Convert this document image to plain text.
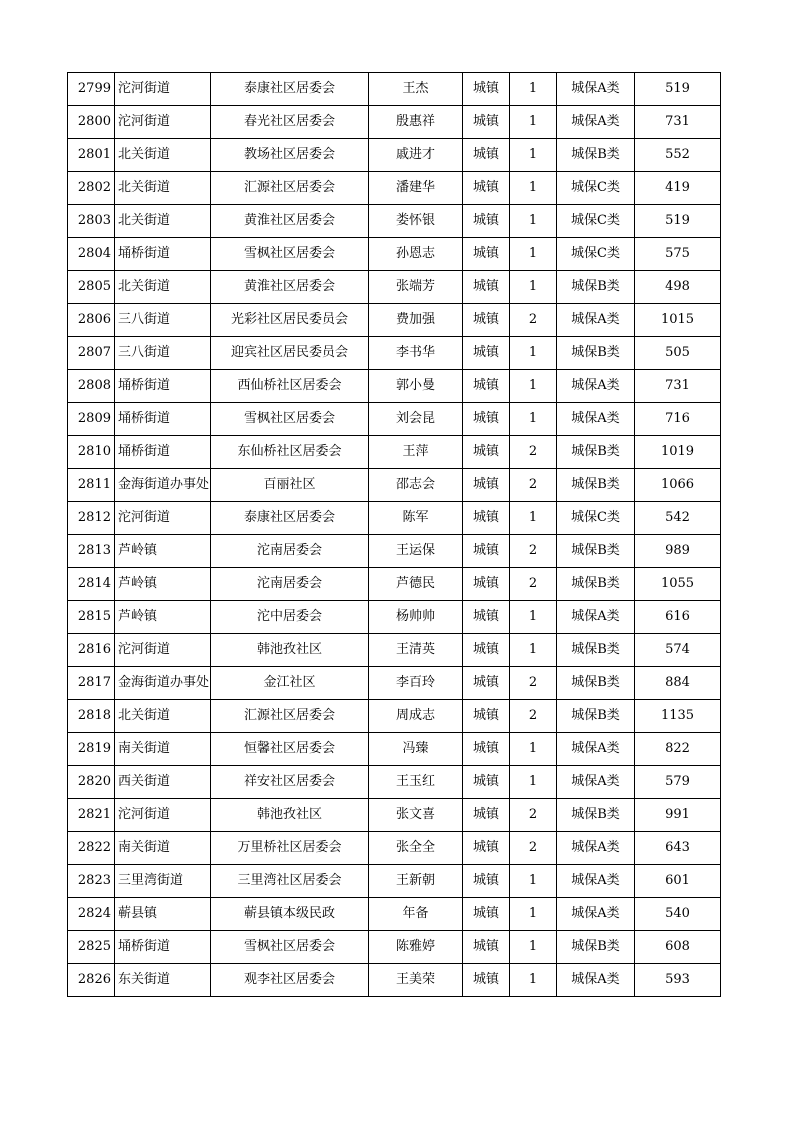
2799	沱河街道	泰康社区居委会	王杰	城镇	1	城保A类	519
2800	沱河街道	春光社区居委会	殷惠祥	城镇	1	城保A类	731
2801	北关街道	教场社区居委会	戚进才	城镇	1	城保B类	552
2802	北关街道	汇源社区居委会	潘建华	城镇	1	城保C类	419
2803	北关街道	黄淮社区居委会	娄怀银	城镇	1	城保C类	519
2804	埇桥街道	雪枫社区居委会	孙恩志	城镇	1	城保C类	575
2805	北关街道	黄淮社区居委会	张端芳	城镇	1	城保B类	498
2806	三八街道	光彩社区居民委员会	费加强	城镇	2	城保A类	1015
2807	三八街道	迎宾社区居民委员会	李书华	城镇	1	城保B类	505
2808	埇桥街道	西仙桥社区居委会	郭小曼	城镇	1	城保A类	731
2809	埇桥街道	雪枫社区居委会	刘会昆	城镇	1	城保A类	716
2810	埇桥街道	东仙桥社区居委会	王萍	城镇	2	城保B类	1019
2811	金海街道办事处	百丽社区	邵志会	城镇	2	城保B类	1066
2812	沱河街道	泰康社区居委会	陈军	城镇	1	城保C类	542
2813	芦岭镇	沱南居委会	王运保	城镇	2	城保B类	989
2814	芦岭镇	沱南居委会	芦德民	城镇	2	城保B类	1055
2815	芦岭镇	沱中居委会	杨帅帅	城镇	1	城保A类	616
2816	沱河街道	韩池孜社区	王清英	城镇	1	城保B类	574
2817	金海街道办事处	金江社区	李百玲	城镇	2	城保B类	884
2818	北关街道	汇源社区居委会	周成志	城镇	2	城保B类	1135
2819	南关街道	恒馨社区居委会	冯臻	城镇	1	城保A类	822
2820	西关街道	祥安社区居委会	王玉红	城镇	1	城保A类	579
2821	沱河街道	韩池孜社区	张文喜	城镇	2	城保B类	991
2822	南关街道	万里桥社区居委会	张全全	城镇	2	城保A类	643
2823	三里湾街道	三里湾社区居委会	王新朝	城镇	1	城保A类	601
2824	蕲县镇	蕲县镇本级民政	年备	城镇	1	城保A类	540
2825	埇桥街道	雪枫社区居委会	陈雅婷	城镇	1	城保B类	608
2826	东关街道	观李社区居委会	王美荣	城镇	1	城保A类	593
